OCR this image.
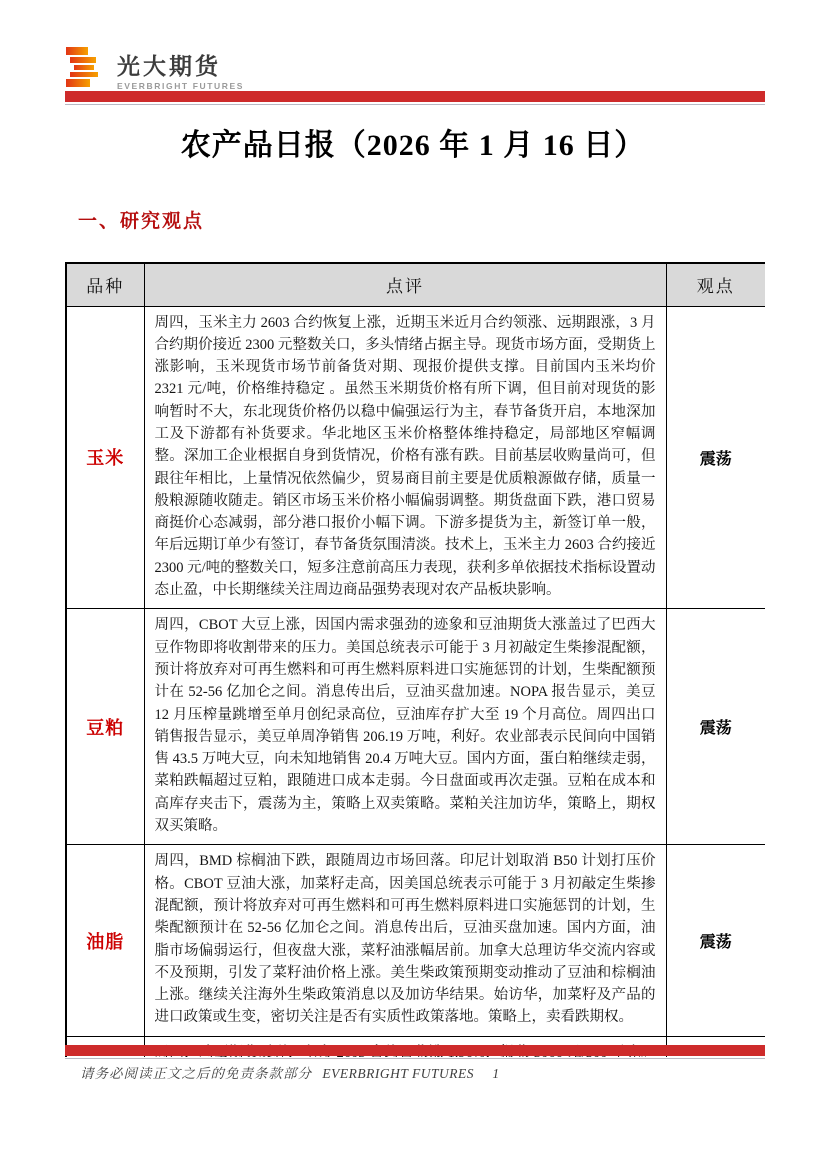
光大期货
EVERBRIGHT FUTURES
农产品日报（2026 年 1 月 16 日）
一、研究观点
品种	点评	观点
玉米	周四，玉米主力 2603 合约恢复上涨，近期玉米近月合约领涨、远期跟涨，3 月合约期价接近 2300 元整数关口，多头情绪占据主导。现货市场方面，受期货上涨影响，玉米现货市场节前备货对期、现报价提供支撑。目前国内玉米均价 2321 元/吨，价格维持稳定 。虽然玉米期货价格有所下调，但目前对现货的影响暂时不大，东北现货价格仍以稳中偏强运行为主，春节备货开启，本地深加工及下游都有补货要求。华北地区玉米价格整体维持稳定，局部地区窄幅调整。深加工企业根据自身到货情况，价格有涨有跌。目前基层收购量尚可，但跟往年相比，上量情况依然偏少，贸易商目前主要是优质粮源做存储，质量一般粮源随收随走。销区市场玉米价格小幅偏弱调整。期货盘面下跌，港口贸易商挺价心态减弱，部分港口报价小幅下调。下游多提货为主，新签订单一般，年后远期订单少有签订，春节备货氛围清淡。技术上，玉米主力 2603 合约接近 2300 元/吨的整数关口，短多注意前高压力表现，获利多单依据技术指标设置动态止盈，中长期继续关注周边商品强势表现对农产品板块影响。	震荡
豆粕	周四，CBOT 大豆上涨，因国内需求强劲的迹象和豆油期货大涨盖过了巴西大豆作物即将收割带来的压力。美国总统表示可能于 3 月初敲定生柴掺混配额，预计将放弃对可再生燃料和可再生燃料原料进口实施惩罚的计划，生柴配额预计在 52-56 亿加仑之间。消息传出后，豆油买盘加速。NOPA 报告显示，美豆 12 月压榨量跳增至单月创纪录高位，豆油库存扩大至 19 个月高位。周四出口销售报告显示，美豆单周净销售 206.19 万吨，利好。农业部表示民间向中国销售 43.5 万吨大豆，向未知地销售 20.4 万吨大豆。国内方面，蛋白粕继续走弱，菜粕跌幅超过豆粕，跟随进口成本走弱。今日盘面或再次走强。豆粕在成本和高库存夹击下，震荡为主，策略上双卖策略。菜粕关注加访华，策略上，期权双买策略。	震荡
油脂	周四，BMD 棕榈油下跌，跟随周边市场回落。印尼计划取消 B50 计划打压价格。CBOT 豆油大涨，加菜籽走高，因美国总统表示可能于 3 月初敲定生柴掺混配额，预计将放弃对可再生燃料和可再生燃料原料进口实施惩罚的计划，生柴配额预计在 52-56 亿加仑之间。消息传出后，豆油买盘加速。国内方面，油脂市场偏弱运行，但夜盘大涨，菜籽油涨幅居前。加拿大总理访华交流内容或不及预期，引发了菜籽油价格上涨。美生柴政策预期变动推动了豆油和棕榈油上涨。继续关注海外生柴政策消息以及加访华结果。始访华，加菜籽及产品的进口政策或生变，密切关注是否有实质性政策落地。策略上，卖看跌期权。	震荡

请务必阅读正文之后的免责条款部分 EVERBRIGHT FUTURES 1
